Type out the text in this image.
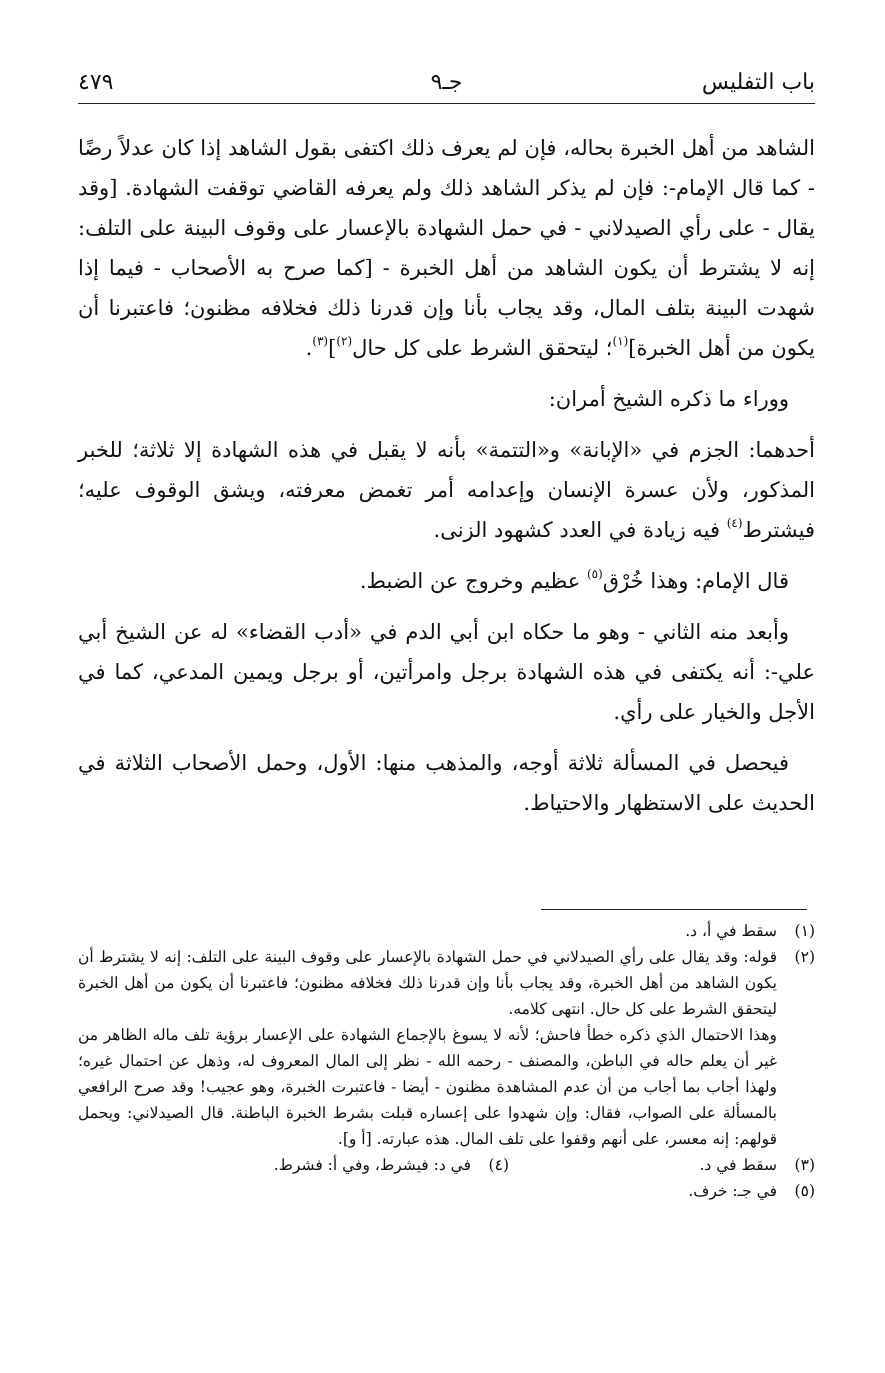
باب التفليس
جـ٩
٤٧٩

الشاهد من أهل الخبرة بحاله، فإن لم يعرف ذلك اكتفى بقول الشاهد إذا كان عدلاً رضًا - كما قال الإمام-: فإن لم يذكر الشاهد ذلك ولم يعرفه القاضي توقفت الشهادة. [وقد يقال - على رأي الصيدلاني - في حمل الشهادة بالإعسار على وقوف البينة على التلف: إنه لا يشترط أن يكون الشاهد من أهل الخبرة - [كما صرح به الأصحاب - فيما إذا شهدت البينة بتلف المال، وقد يجاب بأنا وإن قدرنا ذلك فخلافه مظنون؛ فاعتبرنا أن يكون من أهل الخبرة]$^{(١)}$؛ ليتحقق الشرط على كل حال$^{(٢)}$]$^{(٣)}$.

ووراء ما ذكره الشيخ أمران:

أحدهما: الجزم في «الإبانة» و«التتمة» بأنه لا يقبل في هذه الشهادة إلا ثلاثة؛ للخبر المذكور، ولأن عسرة الإنسان وإعدامه أمر تغمض معرفته، ويشق الوقوف عليه؛ فيشترط$^{(٤)}$ فيه زيادة في العدد كشهود الزنى.

قال الإمام: وهذا خُرْق$^{(٥)}$ عظيم وخروج عن الضبط.

وأبعد منه الثاني - وهو ما حكاه ابن أبي الدم في «أدب القضاء» له عن الشيخ أبي علي-: أنه يكتفى في هذه الشهادة برجل وامرأتين، أو برجل ويمين المدعي، كما في الأجل والخيار على رأي.

فيحصل في المسألة ثلاثة أوجه، والمذهب منها: الأول، وحمل الأصحاب الثلاثة في الحديث على الاستظهار والاحتياط.

(١)
سقط في أ، د.
(٢)
قوله: وقد يقال على رأي الصيدلاني في حمل الشهادة بالإعسار على وقوف البينة على التلف: إنه لا يشترط أن يكون الشاهد من أهل الخبرة، وقد يجاب بأنا وإن قدرنا ذلك فخلافه مظنون؛ فاعتبرنا أن يكون من أهل الخبرة ليتحقق الشرط على كل حال. انتهى كلامه.
وهذا الاحتمال الذي ذكره خطأ فاحش؛ لأنه لا يسوغ بالإجماع الشهادة على الإعسار برؤية تلف ماله الظاهر من غير أن يعلم حاله في الباطن، والمصنف - رحمه الله - نظر إلى المال المعروف له، وذهل عن احتمال غيره؛ ولهذا أجاب بما أجاب من أن عدم المشاهدة مظنون - أيضا - فاعتبرت الخبرة، وهو عجيب! وقد صرح الرافعي بالمسألة على الصواب، فقال: وإن شهدوا على إعساره قبلت بشرط الخبرة الباطنة. قال الصيدلاني: ويحمل قولهم: إنه معسر، على أنهم وقفوا على تلف المال. هذه عبارته. [أ و].
(٣)
سقط في د.
(٤)
في د: فيشرط، وفي أ: فشرط.
(٥)
في جـ: خرف.
